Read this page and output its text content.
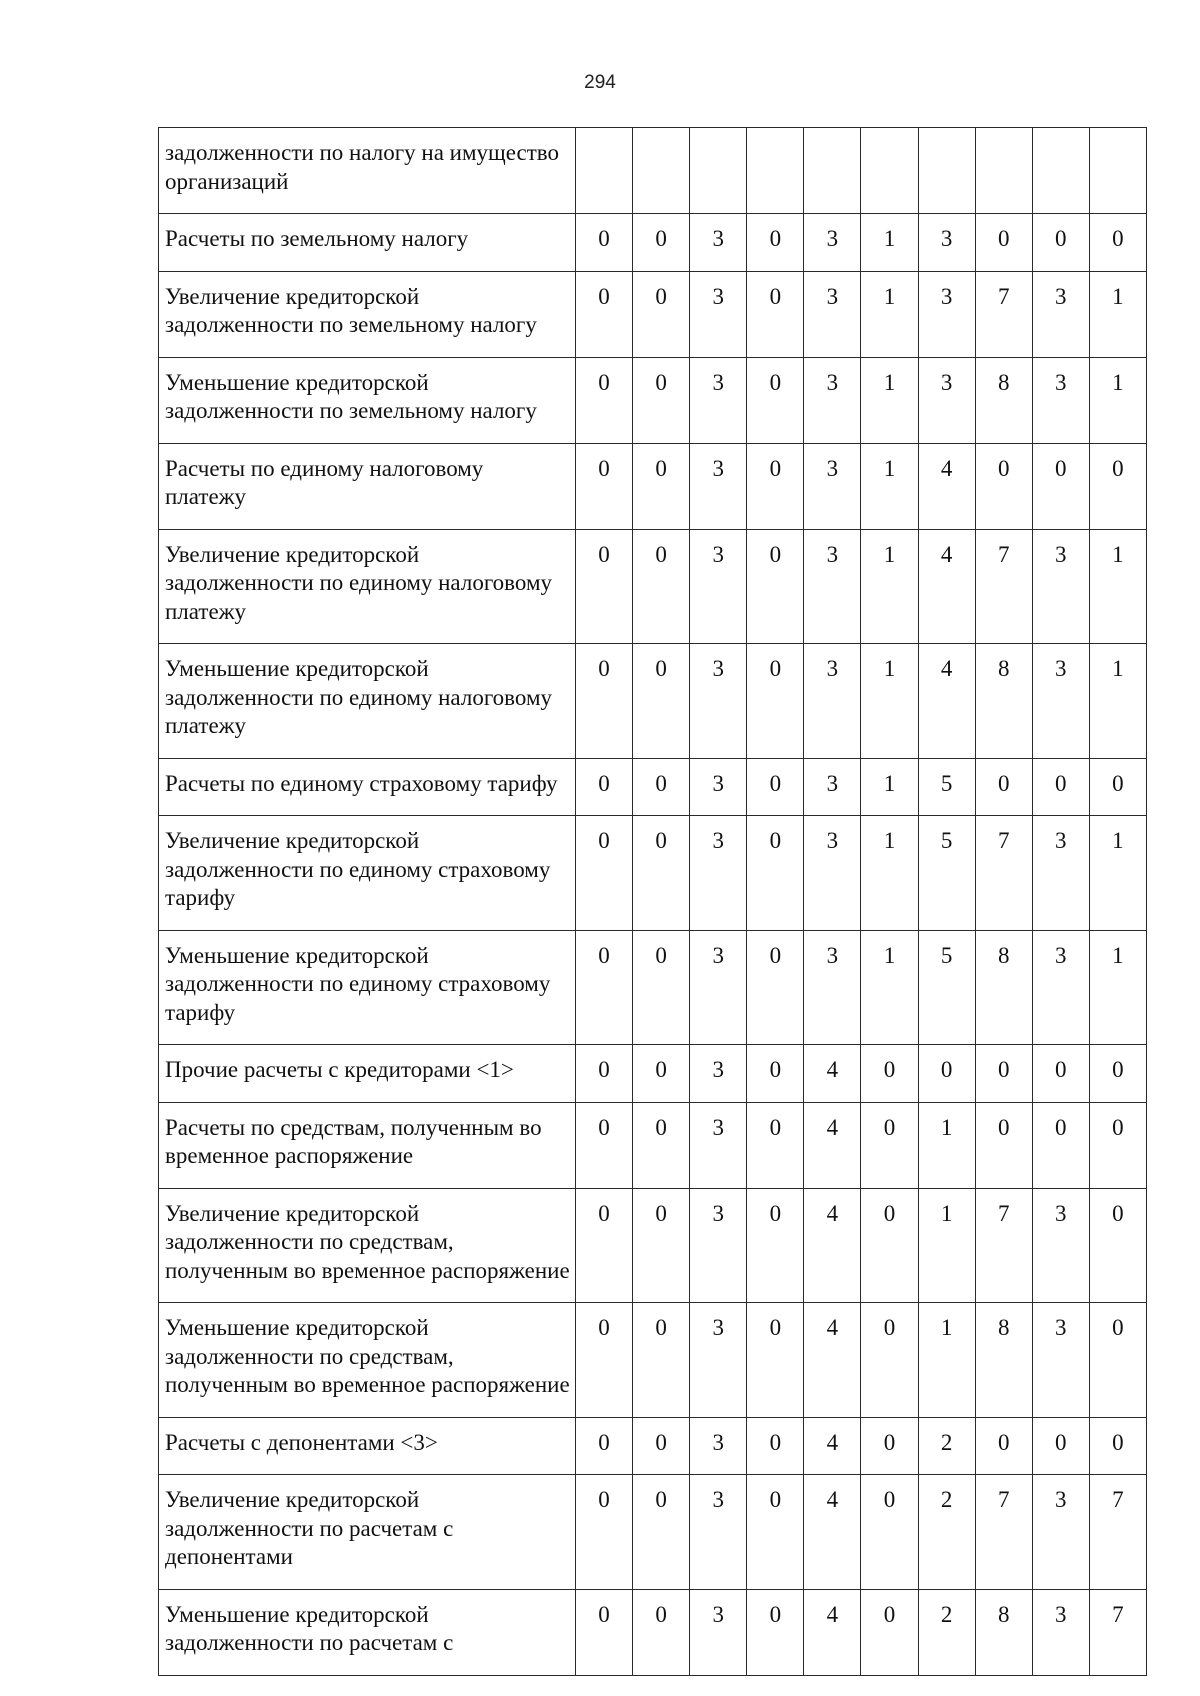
294
задолженности по налогу на имущество организаций										
Расчеты по земельному налогу	0	0	3	0	3	1	3	0	0	0
Увеличение кредиторской задолженности по земельному налогу	0	0	3	0	3	1	3	7	3	1
Уменьшение кредиторской задолженности по земельному налогу	0	0	3	0	3	1	3	8	3	1
Расчеты по единому налоговому платежу	0	0	3	0	3	1	4	0	0	0
Увеличение кредиторской задолженности по единому налоговому платежу	0	0	3	0	3	1	4	7	3	1
Уменьшение кредиторской задолженности по единому налоговому платежу	0	0	3	0	3	1	4	8	3	1
Расчеты по единому страховому тарифу	0	0	3	0	3	1	5	0	0	0
Увеличение кредиторской задолженности по единому страховому тарифу	0	0	3	0	3	1	5	7	3	1
Уменьшение кредиторской задолженности по единому страховому тарифу	0	0	3	0	3	1	5	8	3	1
Прочие расчеты с кредиторами <1>	0	0	3	0	4	0	0	0	0	0
Расчеты по средствам, полученным во временное распоряжение	0	0	3	0	4	0	1	0	0	0
Увеличение кредиторской задолженности по средствам, полученным во временное распоряжение	0	0	3	0	4	0	1	7	3	0
Уменьшение кредиторской задолженности по средствам, полученным во временное распоряжение	0	0	3	0	4	0	1	8	3	0
Расчеты с депонентами <3>	0	0	3	0	4	0	2	0	0	0
Увеличение кредиторской задолженности по расчетам с депонентами	0	0	3	0	4	0	2	7	3	7
Уменьшение кредиторской задолженности по расчетам с	0	0	3	0	4	0	2	8	3	7
